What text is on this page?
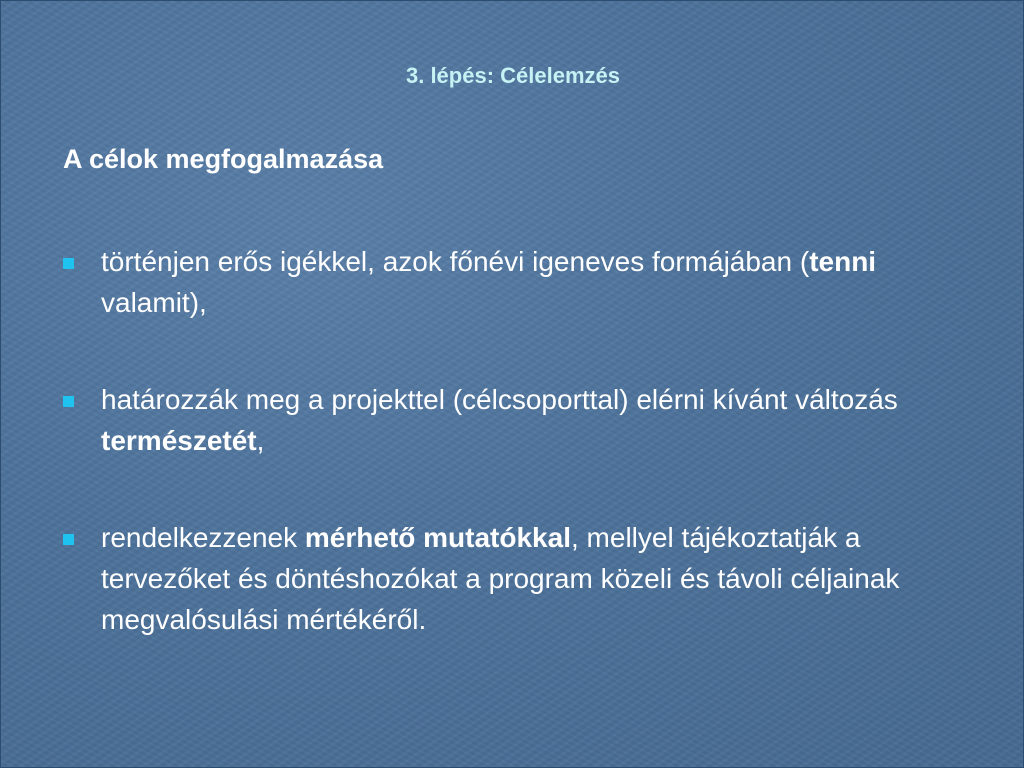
3. lépés: Célelemzés
A célok megfogalmazása
történjen erős igékkel, azok főnévi igeneves formájában (tenni valamit),
határozzák meg a projekttel (célcsoporttal) elérni kívánt változás természetét,
rendelkezzenek mérhető mutatókkal, mellyel tájékoztatják a tervezőket és döntéshozókat a program közeli és távoli céljainak megvalósulási mértékéről.
